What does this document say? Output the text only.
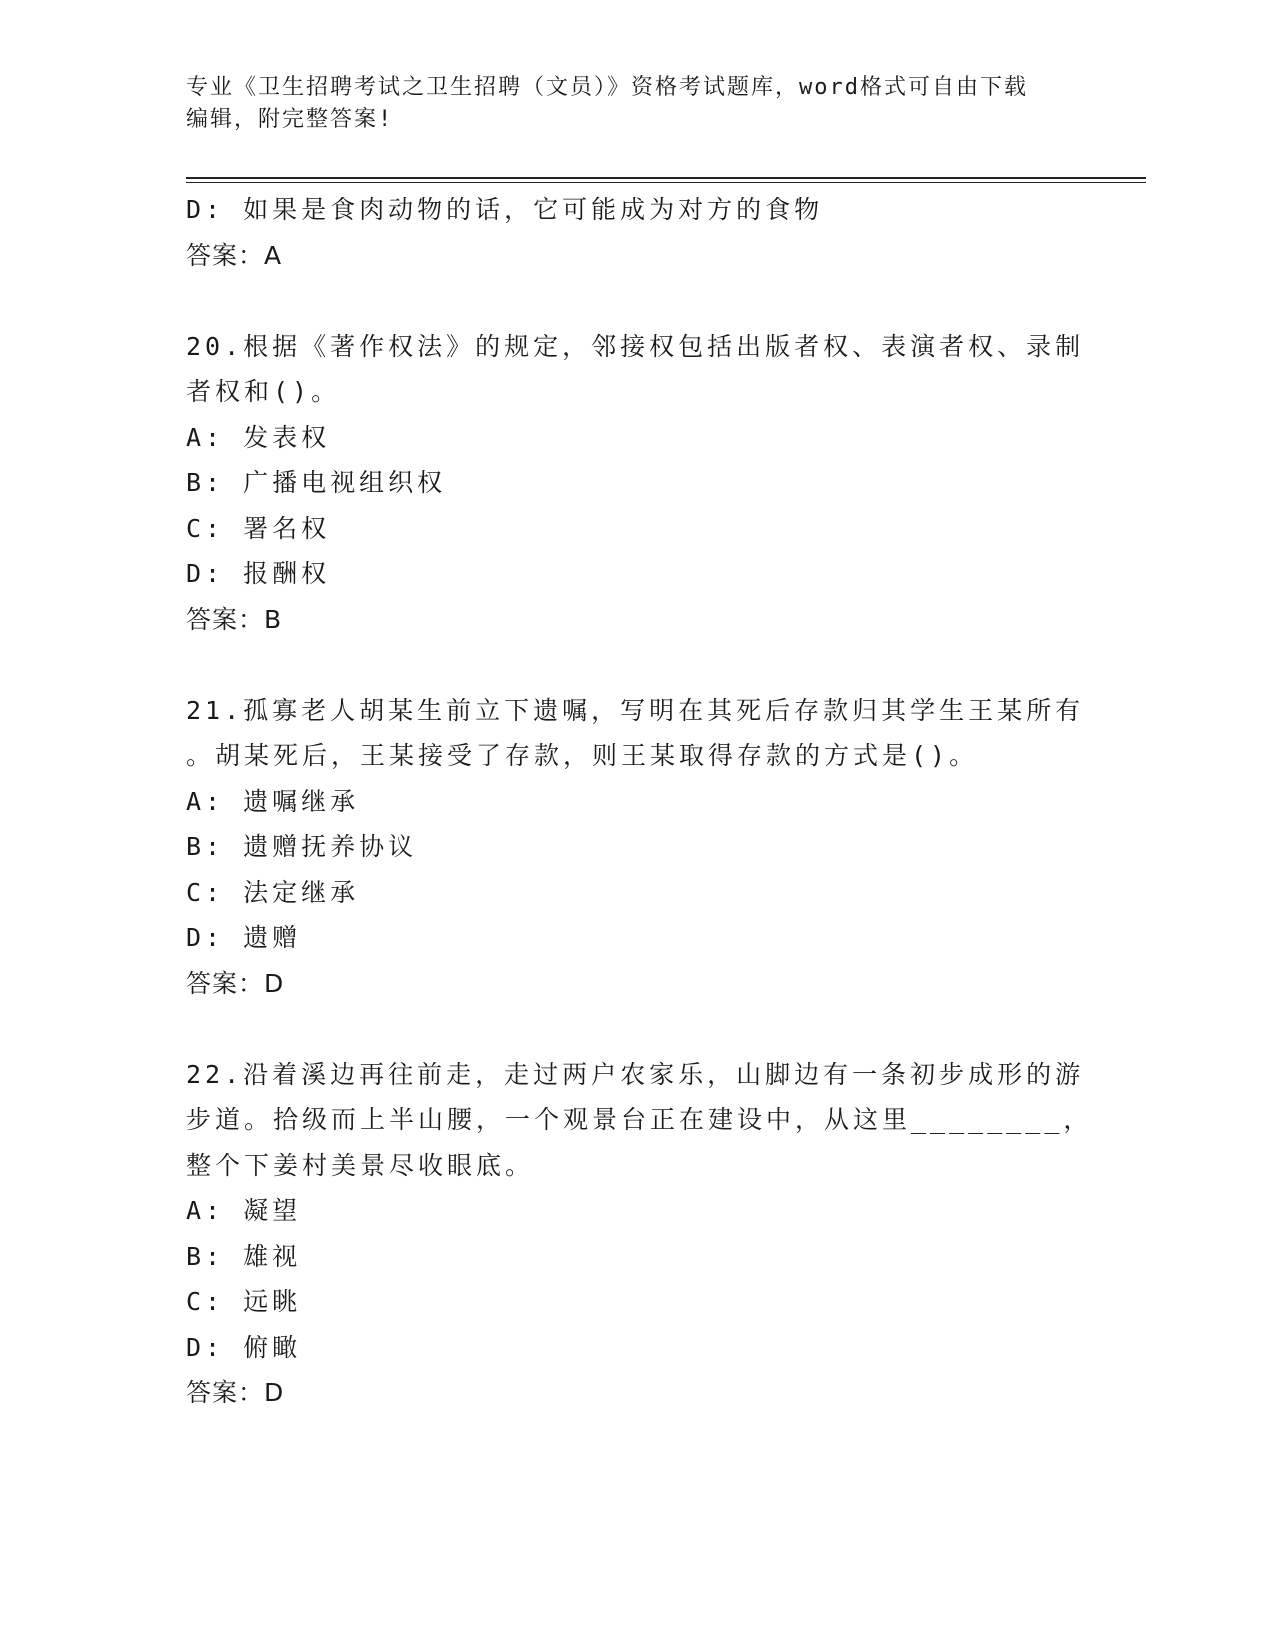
专业《卫生招聘考试之卫生招聘（文员）》资格考试题库，word格式可自由下载
编辑，附完整答案!
D: 如果是食肉动物的话，它可能成为对方的食物
答案：A
20.根据《著作权法》的规定，邻接权包括出版者权、表演者权、录制
者权和()。
A: 发表权
B: 广播电视组织权
C: 署名权
D: 报酬权
答案：B
21.孤寡老人胡某生前立下遗嘱，写明在其死后存款归其学生王某所有
。胡某死后，王某接受了存款，则王某取得存款的方式是()。
A: 遗嘱继承
B: 遗赠抚养协议
C: 法定继承
D: 遗赠
答案：D
22.沿着溪边再往前走，走过两户农家乐，山脚边有一条初步成形的游
步道。拾级而上半山腰，一个观景台正在建设中，从这里________，
整个下姜村美景尽收眼底。
A: 凝望
B: 雄视
C: 远眺
D: 俯瞰
答案：D
